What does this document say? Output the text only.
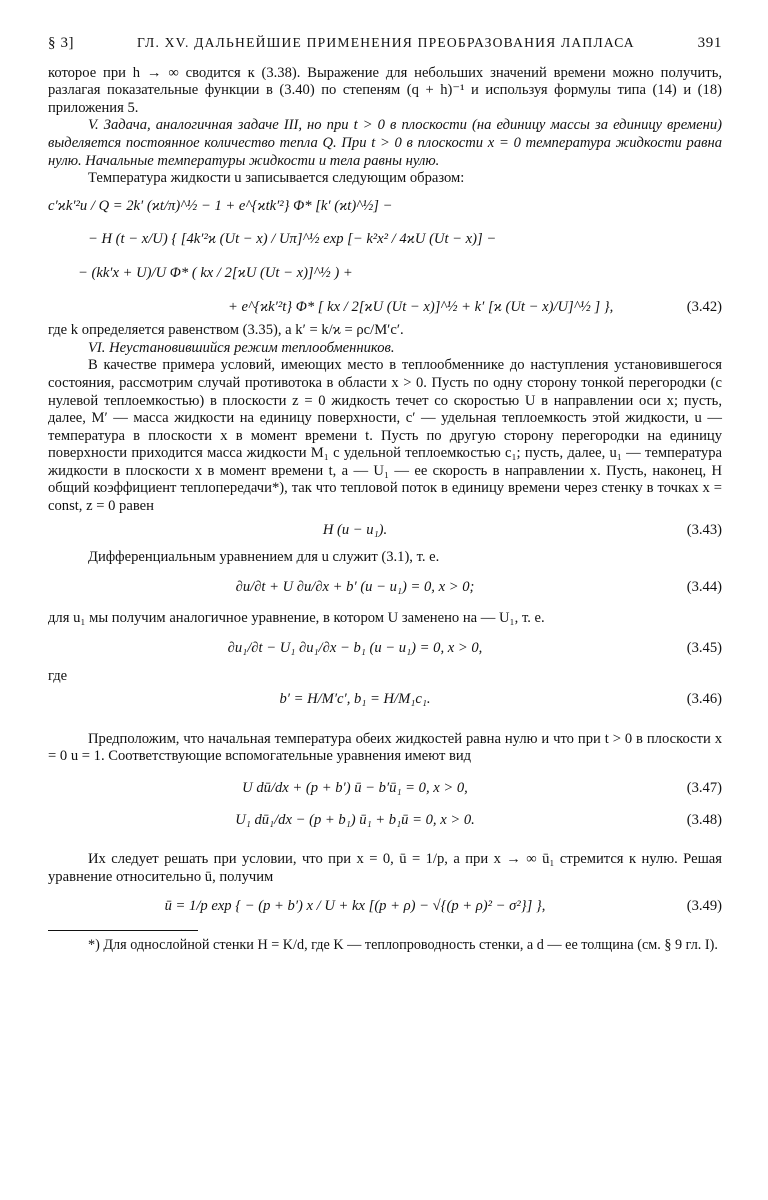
§ 3]	ГЛ. XV. ДАЛЬНЕЙШИЕ ПРИМЕНЕНИЯ ПРЕОБРАЗОВАНИЯ ЛАПЛАСА	391

которое при h → ∞ сводится к (3.38). Выражение для небольших значений времени можно получить, разлагая показательные функции в (3.40) по степеням (q + h)⁻¹ и используя формулы типа (14) и (18) приложения 5.

V. Задача, аналогичная задаче III, но при t > 0 в плоскости (на единицу массы за единицу времени) выделяется постоянное количество тепла Q. При t > 0 в плоскости x = 0 температура жидкости равна нулю. Начальные температуры жидкости и тела равны нулю.

Температура жидкости u записывается следующим образом:

c′ϰk′²u / Q = 2k′ (ϰt/π)^½ − 1 + e^{ϰtk′²} Φ* [k′ (ϰt)^½] −
− H (t − x/U) { [4k′²ϰ (Ut − x) / Uπ]^½ exp [− k²x² / 4ϰU (Ut − x)] −
− (kk′x + U)/U Φ* ( kx / 2[ϰU (Ut − x)]^½ ) +
+ e^{ϰk′²t} Φ* [ kx / 2[ϰU (Ut − x)]^½ + k′ [ϰ (Ut − x)/U]^½ ] },	(3.42)

где k определяется равенством (3.35), а k′ = k/ϰ = ρc/M′c′.

VI. Неустановившийся режим теплообменников.

В качестве примера условий, имеющих место в теплообменнике до наступления установившегося состояния, рассмотрим случай противотока в области x > 0. Пусть по одну сторону тонкой перегородки (с нулевой теплоемкостью) в плоскости z = 0 жидкость течет со скоростью U в направлении оси x; пусть, далее, M′ — масса жидкости на единицу поверхности, c′ — удельная теплоемкость этой жидкости, u — температура в плоскости x в момент времени t. Пусть по другую сторону перегородки на единицу поверхности приходится масса жидкости M₁ с удельной теплоемкостью c₁; пусть, далее, u₁ — температура жидкости в плоскости x в момент времени t, а — U₁ — ее скорость в направлении x. Пусть, наконец, H общий коэффициент теплопередачи*), так что тепловой поток в единицу времени через стенку в точках x = const, z = 0 равен

H (u − u₁).	(3.43)

Дифференциальным уравнением для u служит (3.1), т. е.

∂u/∂t + U ∂u/∂x + b′ (u − u₁) = 0, x > 0;	(3.44)

для u₁ мы получим аналогичное уравнение, в котором U заменено на — U₁, т. е.

∂u₁/∂t − U₁ ∂u₁/∂x − b₁ (u − u₁) = 0, x > 0,	(3.45)

где

b′ = H/M′c′, b₁ = H/M₁c₁.	(3.46)

Предположим, что начальная температура обеих жидкостей равна нулю и что при t > 0 в плоскости x = 0 u = 1. Соответствующие вспомогательные уравнения имеют вид

U dū/dx + (p + b′) ū − b′ū₁ = 0, x > 0,	(3.47)
U₁ dū₁/dx − (p + b₁) ū₁ + b₁ū = 0, x > 0.	(3.48)

Их следует решать при условии, что при x = 0, ū = 1/p, а при x → ∞ ū₁ стремится к нулю. Решая уравнение относительно ū, получим

ū = 1/p exp { − (p + b′) x / U + kx [(p + ρ) − √{(p + ρ)² − σ²}] },	(3.49)

*) Для однослойной стенки H = K/d, где K — теплопроводность стенки, а d — ее толщина (см. § 9 гл. I).
